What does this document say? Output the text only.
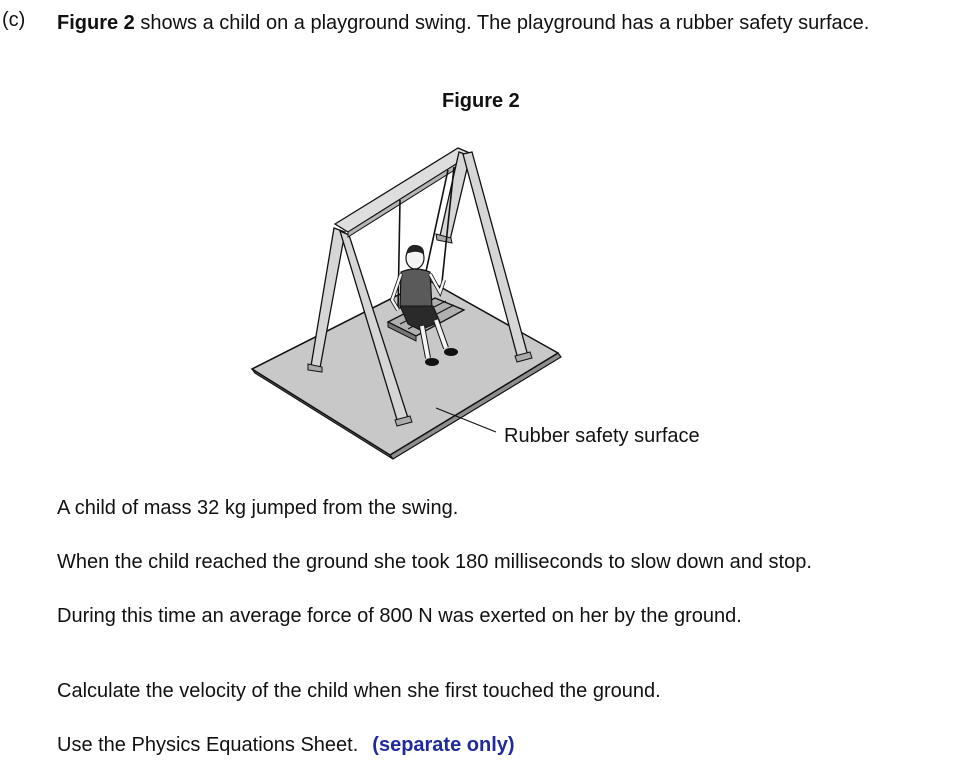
(c) Figure 2 shows a child on a playground swing. The playground has a rubber safety surface.
Figure 2
Rubber safety surface
A child of mass 32 kg jumped from the swing.
When the child reached the ground she took 180 milliseconds to slow down and stop.
During this time an average force of 800 N was exerted on her by the ground.
Calculate the velocity of the child when she first touched the ground.
Use the Physics Equations Sheet. (separate only)
